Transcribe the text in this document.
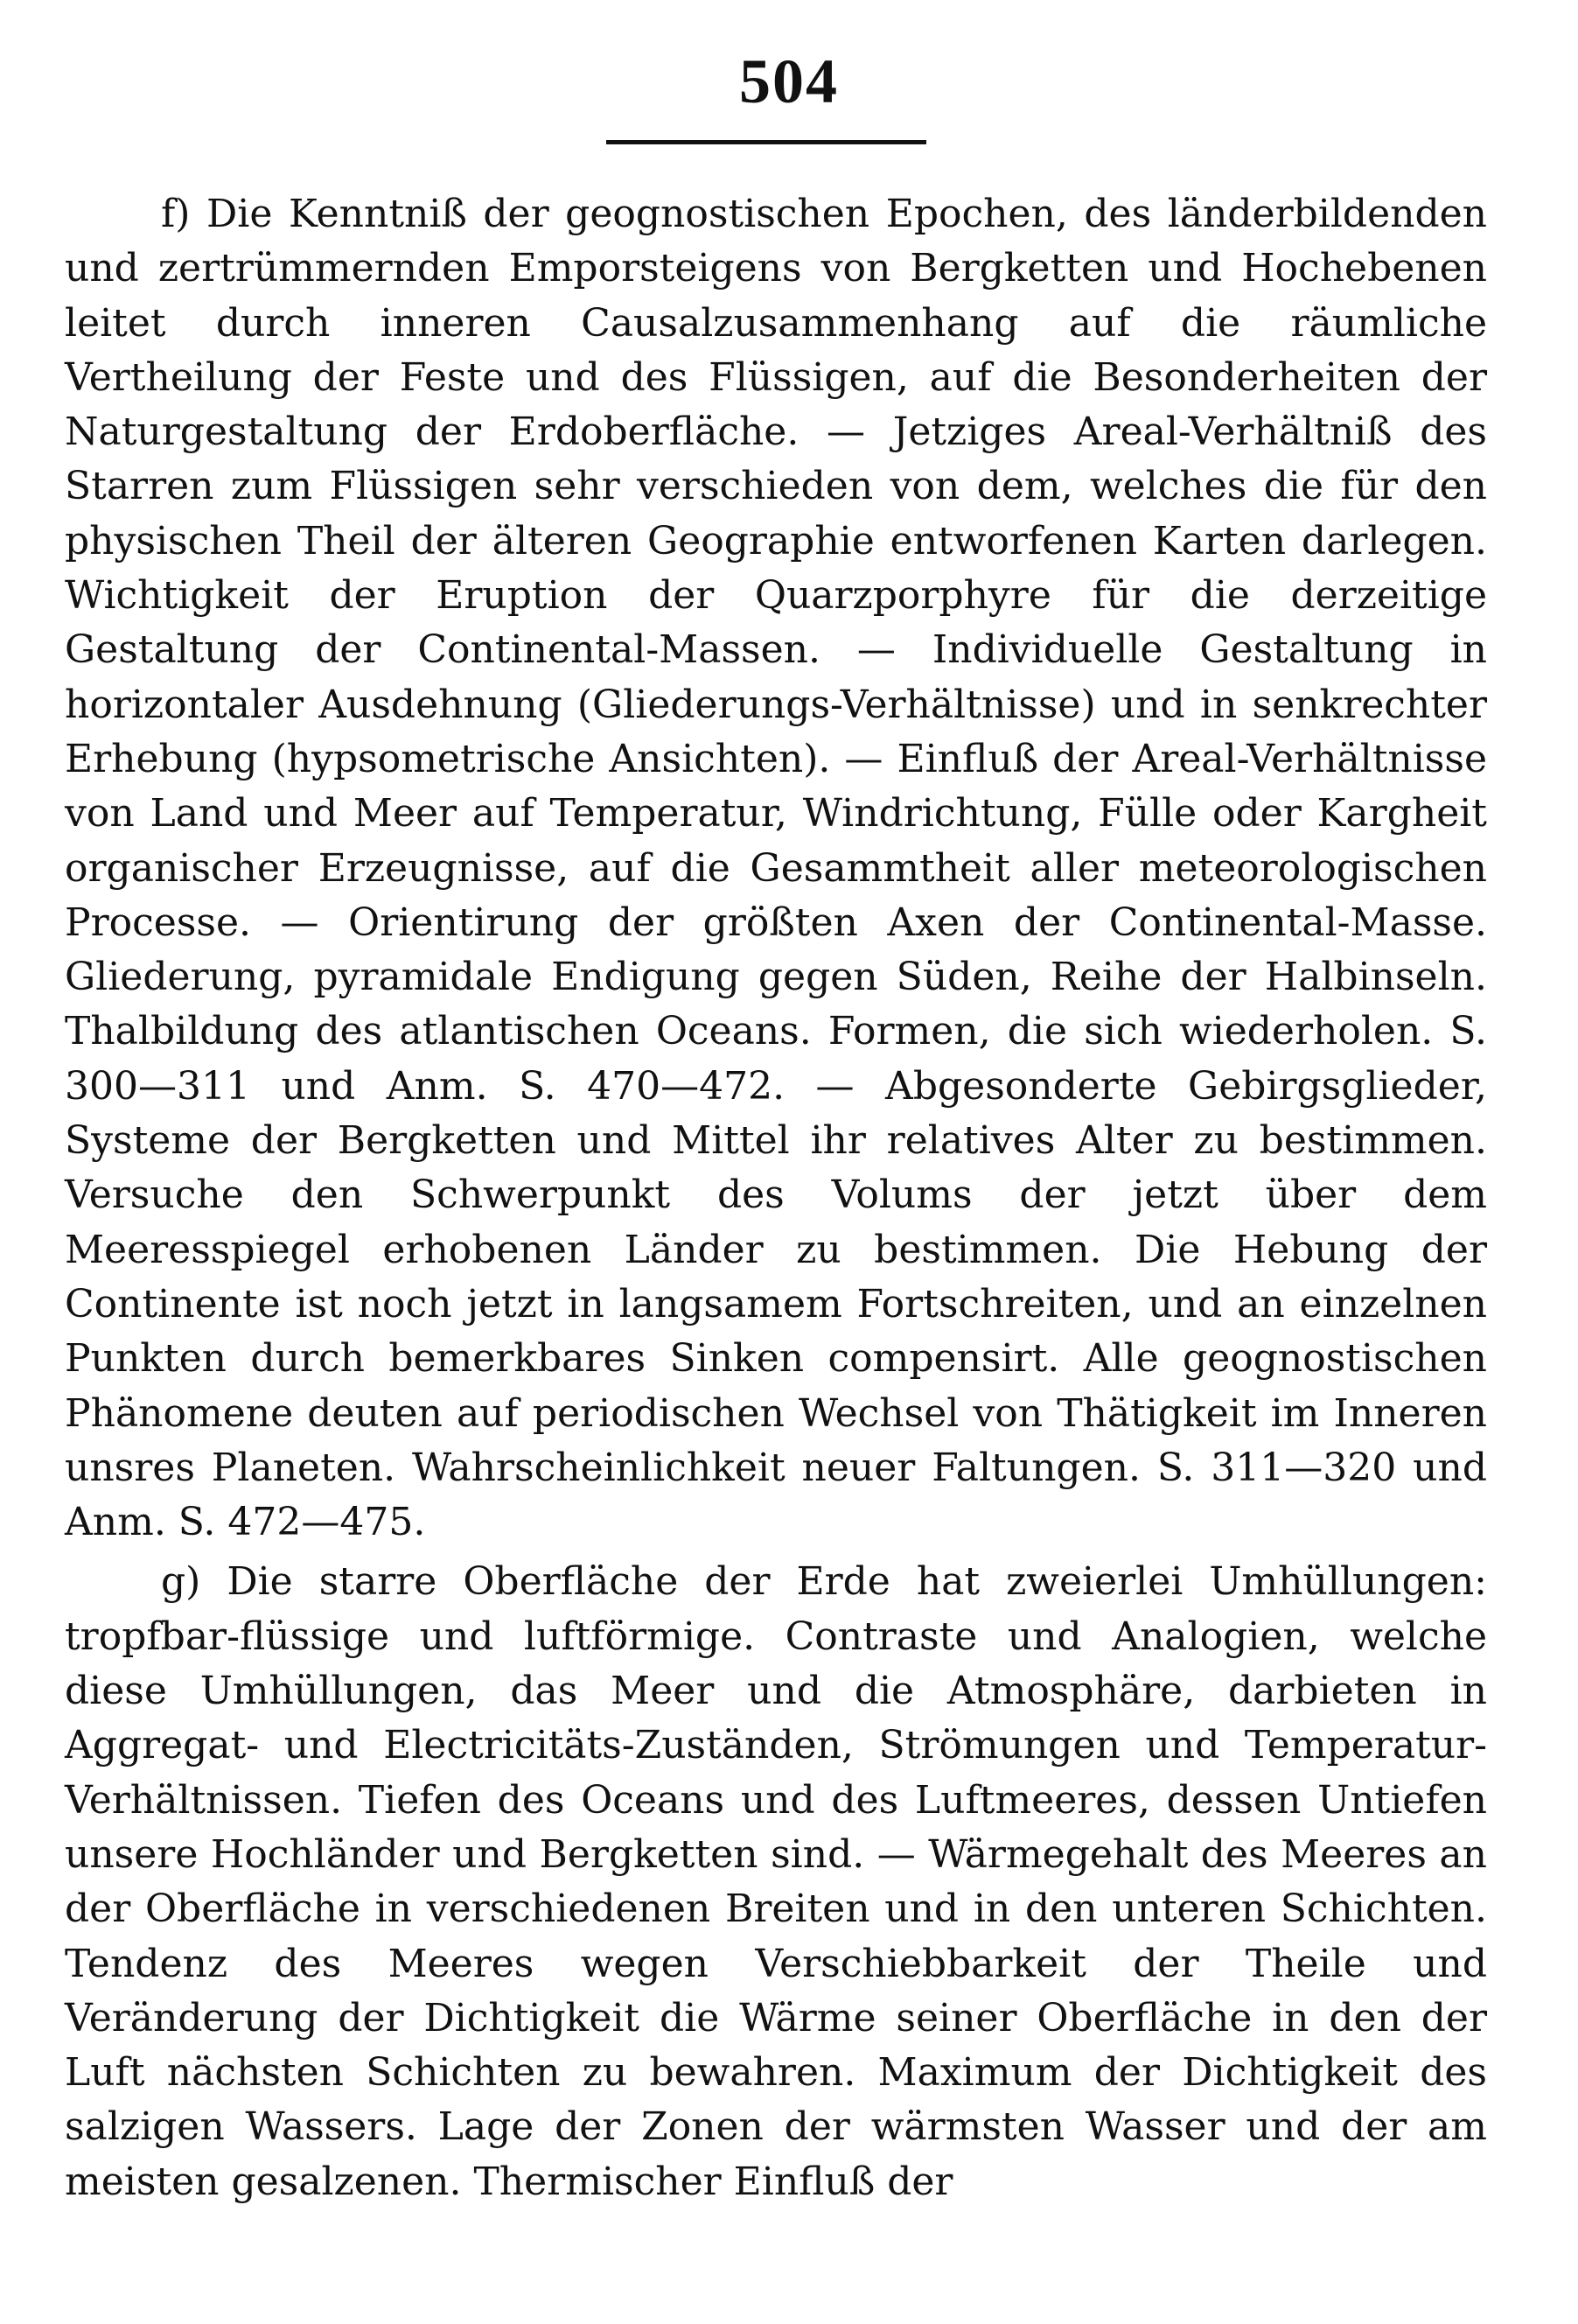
504

f) Die Kenntniß der geognostischen Epochen, des länderbildenden und zertrümmernden Emporsteigens von Bergketten und Hochebenen leitet durch inneren Causalzusammenhang auf die räumliche Vertheilung der Feste und des Flüssigen, auf die Besonderheiten der Naturgestaltung der Erdoberfläche. — Jetziges Areal-Verhältniß des Starren zum Flüssigen sehr verschieden von dem, welches die für den physischen Theil der älteren Geographie entworfenen Karten darlegen. Wichtigkeit der Eruption der Quarzporphyre für die derzeitige Gestaltung der Continental-Massen. — Individuelle Gestaltung in horizontaler Ausdehnung (Gliederungs-Verhältnisse) und in senkrechter Erhebung (hypsometrische Ansichten). — Einfluß der Areal-Verhältnisse von Land und Meer auf Temperatur, Windrichtung, Fülle oder Kargheit organischer Erzeugnisse, auf die Gesammtheit aller meteorologischen Processe. — Orientirung der größten Axen der Continental-Masse. Gliederung, pyramidale Endigung gegen Süden, Reihe der Halbinseln. Thalbildung des atlantischen Oceans. Formen, die sich wiederholen. S. 300—311 und Anm. S. 470—472. — Abgesonderte Gebirgsglieder, Systeme der Bergketten und Mittel ihr relatives Alter zu bestimmen. Versuche den Schwerpunkt des Volums der jetzt über dem Meeresspiegel erhobenen Länder zu bestimmen. Die Hebung der Continente ist noch jetzt in langsamem Fortschreiten, und an einzelnen Punkten durch bemerkbares Sinken compensirt. Alle geognostischen Phänomene deuten auf periodischen Wechsel von Thätigkeit im Inneren unsres Planeten. Wahrscheinlichkeit neuer Faltungen. S. 311—320 und Anm. S. 472—475.

g) Die starre Oberfläche der Erde hat zweierlei Umhüllungen: tropfbar-flüssige und luftförmige. Contraste und Analogien, welche diese Umhüllungen, das Meer und die Atmosphäre, darbieten in Aggregat- und Electricitäts-Zuständen, Strömungen und Temperatur-Verhältnissen. Tiefen des Oceans und des Luftmeeres, dessen Untiefen unsere Hochländer und Bergketten sind. — Wärmegehalt des Meeres an der Oberfläche in verschiedenen Breiten und in den unteren Schichten. Tendenz des Meeres wegen Verschiebbarkeit der Theile und Veränderung der Dichtigkeit die Wärme seiner Oberfläche in den der Luft nächsten Schichten zu bewahren. Maximum der Dichtigkeit des salzigen Wassers. Lage der Zonen der wärmsten Wasser und der am meisten gesalzenen. Thermischer Einfluß der
